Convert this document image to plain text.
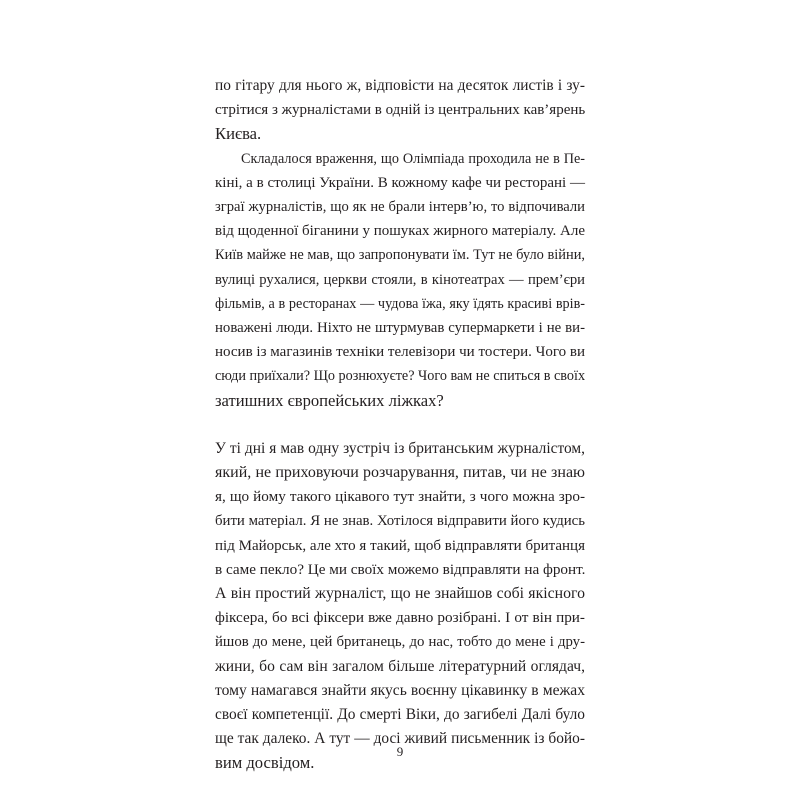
по гітару для нього ж, відповісти на десяток листів і зу-
стрітися з журналістами в одній із центральних кав’ярень
Києва.
Складалося враження, що Олімпіада проходила не в Пе-
кіні, а в столиці України. В кожному кафе чи ресторані —
зграї журналістів, що як не брали інтерв’ю, то відпочивали
від щоденної біганини у пошуках жирного матеріалу. Але
Київ майже не мав, що запропонувати їм. Тут не було війни,
вулиці рухалися, церкви стояли, в кінотеатрах — прем’єри
фільмів, а в ресторанах — чудова їжа, яку їдять красиві врів-
новажені люди. Ніхто не штурмував супермаркети і не ви-
носив із магазинів техніки телевізори чи тостери. Чого ви
сюди приїхали? Що рознюхуєте? Чого вам не спиться в своїх
затишних європейських ліжках?
У ті дні я мав одну зустріч із британським журналістом,
який, не приховуючи розчарування, питав, чи не знаю
я, що йому такого цікавого тут знайти, з чого можна зро-
бити матеріал. Я не знав. Хотілося відправити його кудись
під Майорськ, але хто я такий, щоб відправляти британця
в саме пекло? Це ми своїх можемо відправляти на фронт.
А він простий журналіст, що не знайшов собі якісного
фіксера, бо всі фіксери вже давно розібрані. І от він при-
йшов до мене, цей британець, до нас, тобто до мене і дру-
жини, бо сам він загалом більше літературний оглядач,
тому намагався знайти якусь воєнну цікавинку в межах
своєї компетенції. До смерті Віки, до загибелі Далі було
ще так далеко. А тут — досі живий письменник із бойо-
вим досвідом.
9
